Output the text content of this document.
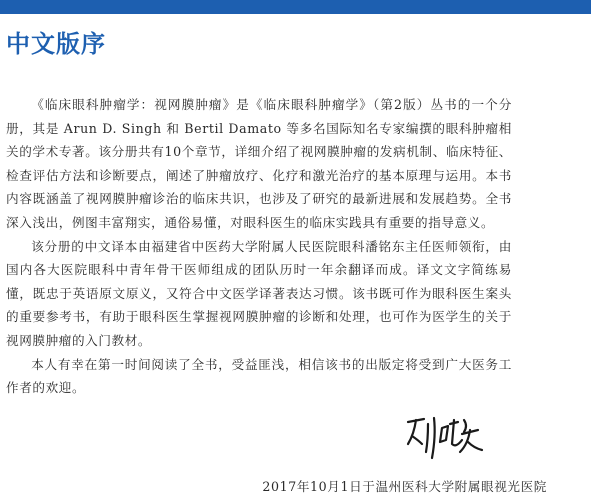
中文版序

《临床眼科肿瘤学：视网膜肿瘤》是《临床眼科肿瘤学》（第2版）丛书的一个分册，其是 Arun D. Singh 和 Bertil Damato 等多名国际知名专家编撰的眼科肿瘤相关的学术专著。该分册共有10个章节，详细介绍了视网膜肿瘤的发病机制、临床特征、检查评估方法和诊断要点，阐述了肿瘤放疗、化疗和激光治疗的基本原理与运用。本书内容既涵盖了视网膜肿瘤诊治的临床共识，也涉及了研究的最新进展和发展趋势。全书深入浅出，例图丰富翔实，通俗易懂，对眼科医生的临床实践具有重要的指导意义。

该分册的中文译本由福建省中医药大学附属人民医院眼科潘铭东主任医师领衔，由国内各大医院眼科中青年骨干医师组成的团队历时一年余翻译而成。译文文字简练易懂，既忠于英语原文原义，又符合中文医学译著表达习惯。该书既可作为眼科医生案头的重要参考书，有助于眼科医生掌握视网膜肿瘤的诊断和处理，也可作为医学生的关于视网膜肿瘤的入门教材。

本人有幸在第一时间阅读了全书，受益匪浅，相信该书的出版定将受到广大医务工作者的欢迎。

2017年10月1日于温州医科大学附属眼视光医院
